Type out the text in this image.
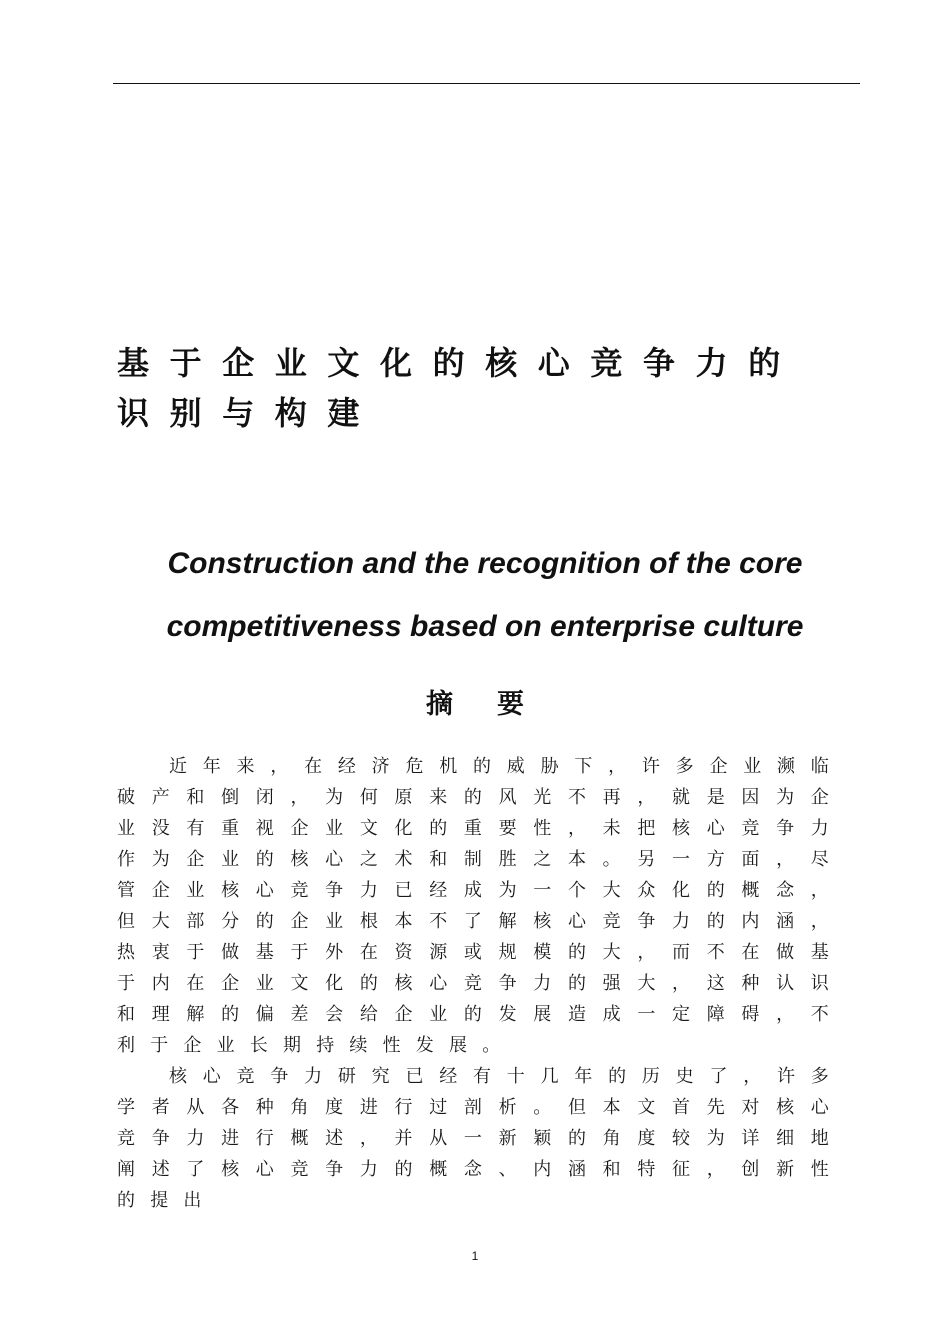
基于企业文化的核心竞争力的识别与构建
Construction and the recognition of the core competitiveness based on enterprise culture
摘 要

近年来，在经济危机的威胁下，许多企业濒临破产和倒闭，为何原来的风光不再，就是因为企业没有重视企业文化的重要性，未把核心竞争力作为企业的核心之术和制胜之本。另一方面，尽管企业核心竞争力已经成为一个大众化的概念，但大部分的企业根本不了解核心竞争力的内涵，热衷于做基于外在资源或规模的大，而不在做基于内在企业文化的核心竞争力的强大，这种认识和理解的偏差会给企业的发展造成一定障碍，不利于企业长期持续性发展。

核心竞争力研究已经有十几年的历史了，许多学者从各种角度进行过剖析。但本文首先对核心竞争力进行概述，并从一新颖的角度较为详细地阐述了核心竞争力的概念、内涵和特征，创新性的提出

1
